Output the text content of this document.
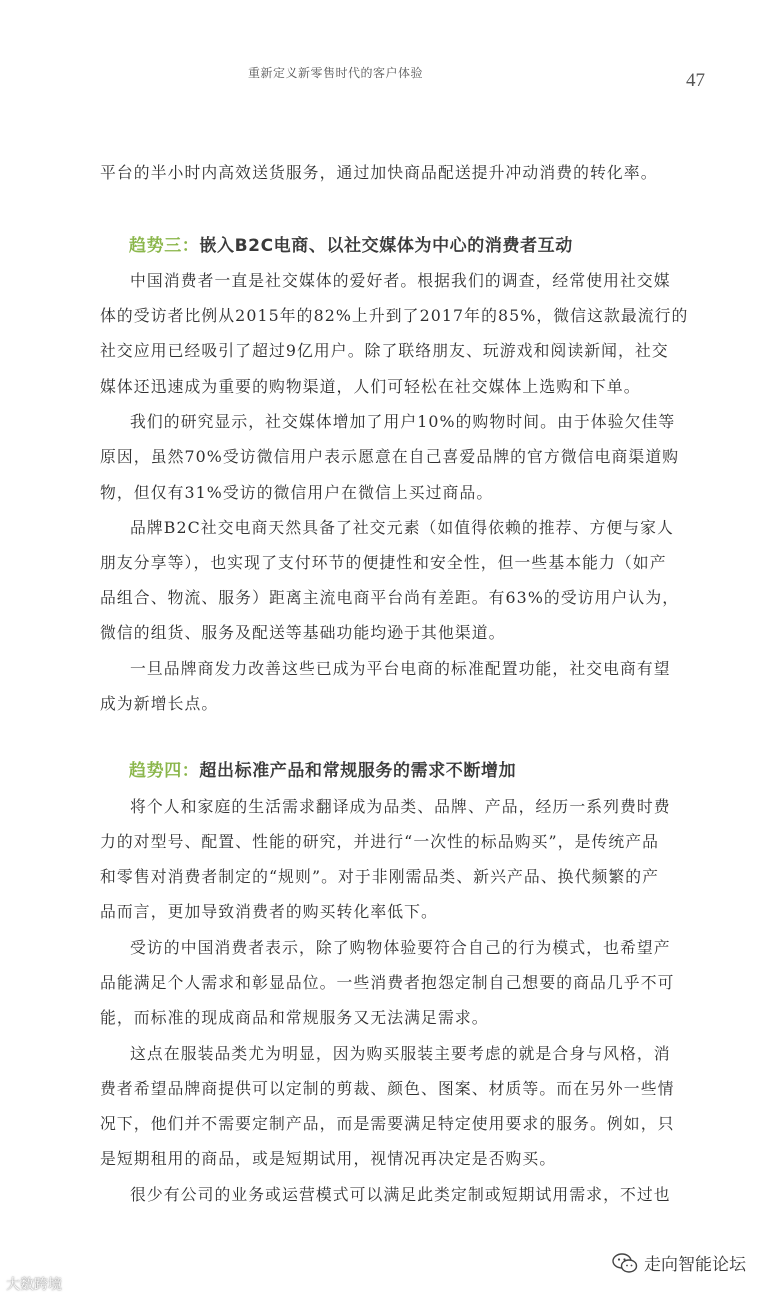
重新定义新零售时代的客户体验	47
平台的半小时内高效送货服务，通过加快商品配送提升冲动消费的转化率。
趋势三：嵌入B2C电商、以社交媒体为中心的消费者互动
中国消费者一直是社交媒体的爱好者。根据我们的调查，经常使用社交媒
体的受访者比例从2015年的82%上升到了2017年的85%，微信这款最流行的
社交应用已经吸引了超过9亿用户。除了联络朋友、玩游戏和阅读新闻，社交
媒体还迅速成为重要的购物渠道，人们可轻松在社交媒体上选购和下单。
我们的研究显示，社交媒体增加了用户10%的购物时间。由于体验欠佳等
原因，虽然70%受访微信用户表示愿意在自己喜爱品牌的官方微信电商渠道购
物，但仅有31%受访的微信用户在微信上买过商品。
品牌B2C社交电商天然具备了社交元素（如值得依赖的推荐、方便与家人
朋友分享等），也实现了支付环节的便捷性和安全性，但一些基本能力（如产
品组合、物流、服务）距离主流电商平台尚有差距。有63%的受访用户认为，
微信的组货、服务及配送等基础功能均逊于其他渠道。
一旦品牌商发力改善这些已成为平台电商的标准配置功能，社交电商有望
成为新增长点。
趋势四：超出标准产品和常规服务的需求不断增加
将个人和家庭的生活需求翻译成为品类、品牌、产品，经历一系列费时费
力的对型号、配置、性能的研究，并进行“一次性的标品购买”，是传统产品
和零售对消费者制定的“规则”。对于非刚需品类、新兴产品、换代频繁的产
品而言，更加导致消费者的购买转化率低下。
受访的中国消费者表示，除了购物体验要符合自己的行为模式，也希望产
品能满足个人需求和彰显品位。一些消费者抱怨定制自己想要的商品几乎不可
能，而标准的现成商品和常规服务又无法满足需求。
这点在服装品类尤为明显，因为购买服装主要考虑的就是合身与风格，消
费者希望品牌商提供可以定制的剪裁、颜色、图案、材质等。而在另外一些情
况下，他们并不需要定制产品，而是需要满足特定使用要求的服务。例如，只
是短期租用的商品，或是短期试用，视情况再决定是否购买。
很少有公司的业务或运营模式可以满足此类定制或短期试用需求，不过也
大数跨境
走向智能论坛
